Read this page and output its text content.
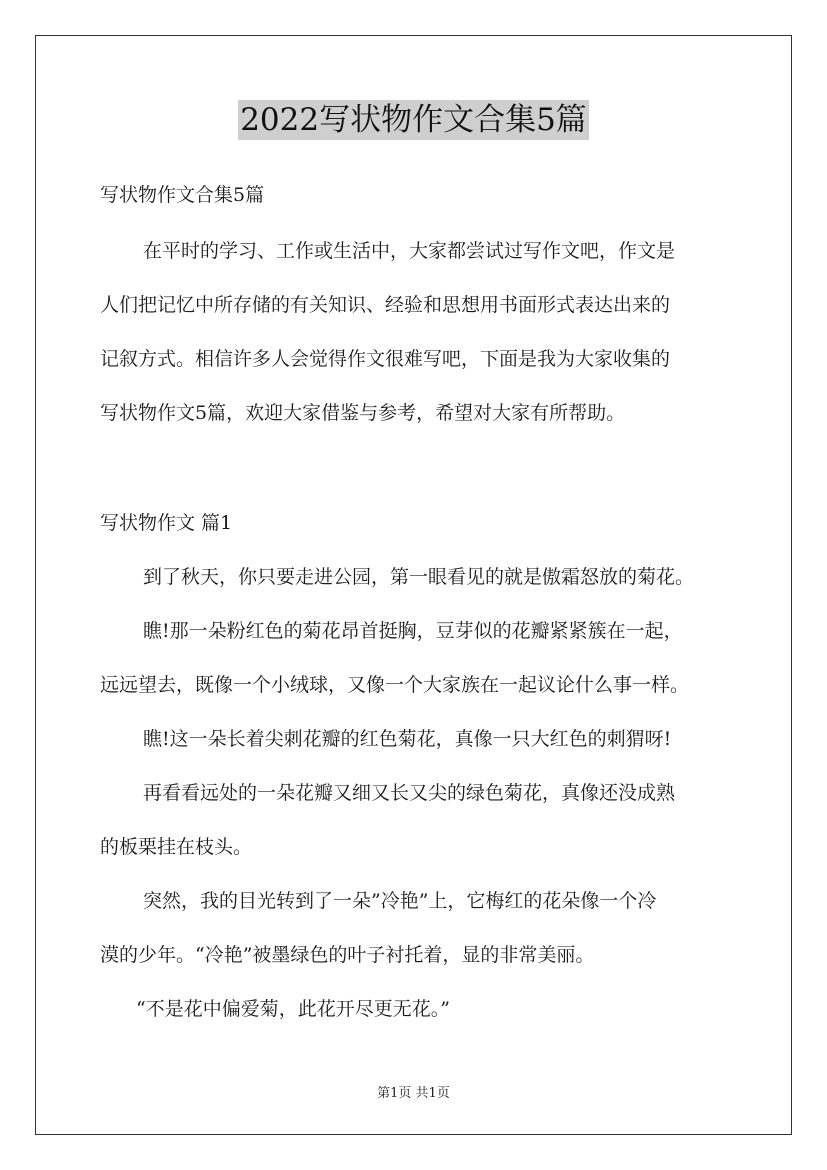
2022写状物作文合集5篇
写状物作文合集5篇
在平时的学习、工作或生活中，大家都尝试过写作文吧，作文是
人们把记忆中所存储的有关知识、经验和思想用书面形式表达出来的
记叙方式。相信许多人会觉得作文很难写吧，下面是我为大家收集的
写状物作文5篇，欢迎大家借鉴与参考，希望对大家有所帮助。
写状物作文 篇1
到了秋天，你只要走进公园，第一眼看见的就是傲霜怒放的菊花。
瞧!那一朵粉红色的菊花昂首挺胸，豆芽似的花瓣紧紧簇在一起，
远远望去，既像一个小绒球，又像一个大家族在一起议论什么事一样。
瞧!这一朵长着尖刺花瓣的红色菊花，真像一只大红色的刺猬呀!
再看看远处的一朵花瓣又细又长又尖的绿色菊花，真像还没成熟
的板栗挂在枝头。
突然，我的目光转到了一朵”冷艳”上，它梅红的花朵像一个冷
漠的少年。“冷艳”被墨绿色的叶子衬托着，显的非常美丽。
“不是花中偏爱菊，此花开尽更无花。”
第1页 共1页
